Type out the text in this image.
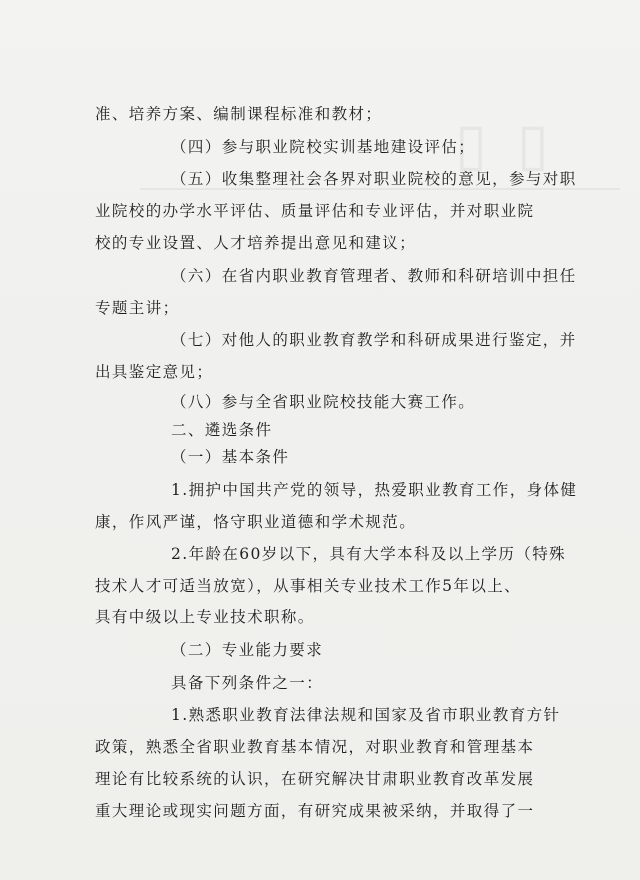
▯▯
准、培养方案、编制课程标准和教材；
（四）参与职业院校实训基地建设评估；
（五）收集整理社会各界对职业院校的意见，参与对职
业院校的办学水平评估、质量评估和专业评估，并对职业院
校的专业设置、人才培养提出意见和建议；
（六）在省内职业教育管理者、教师和科研培训中担任
专题主讲；
（七）对他人的职业教育教学和科研成果进行鉴定，并
出具鉴定意见；
（八）参与全省职业院校技能大赛工作。
二、遴选条件
（一）基本条件
1.拥护中国共产党的领导，热爱职业教育工作，身体健
康，作风严谨，恪守职业道德和学术规范。
2.年龄在60岁以下，具有大学本科及以上学历（特殊
技术人才可适当放宽），从事相关专业技术工作5年以上、
具有中级以上专业技术职称。
（二）专业能力要求
具备下列条件之一：
1.熟悉职业教育法律法规和国家及省市职业教育方针
政策，熟悉全省职业教育基本情况，对职业教育和管理基本
理论有比较系统的认识，在研究解决甘肃职业教育改革发展
重大理论或现实问题方面，有研究成果被采纳，并取得了一
